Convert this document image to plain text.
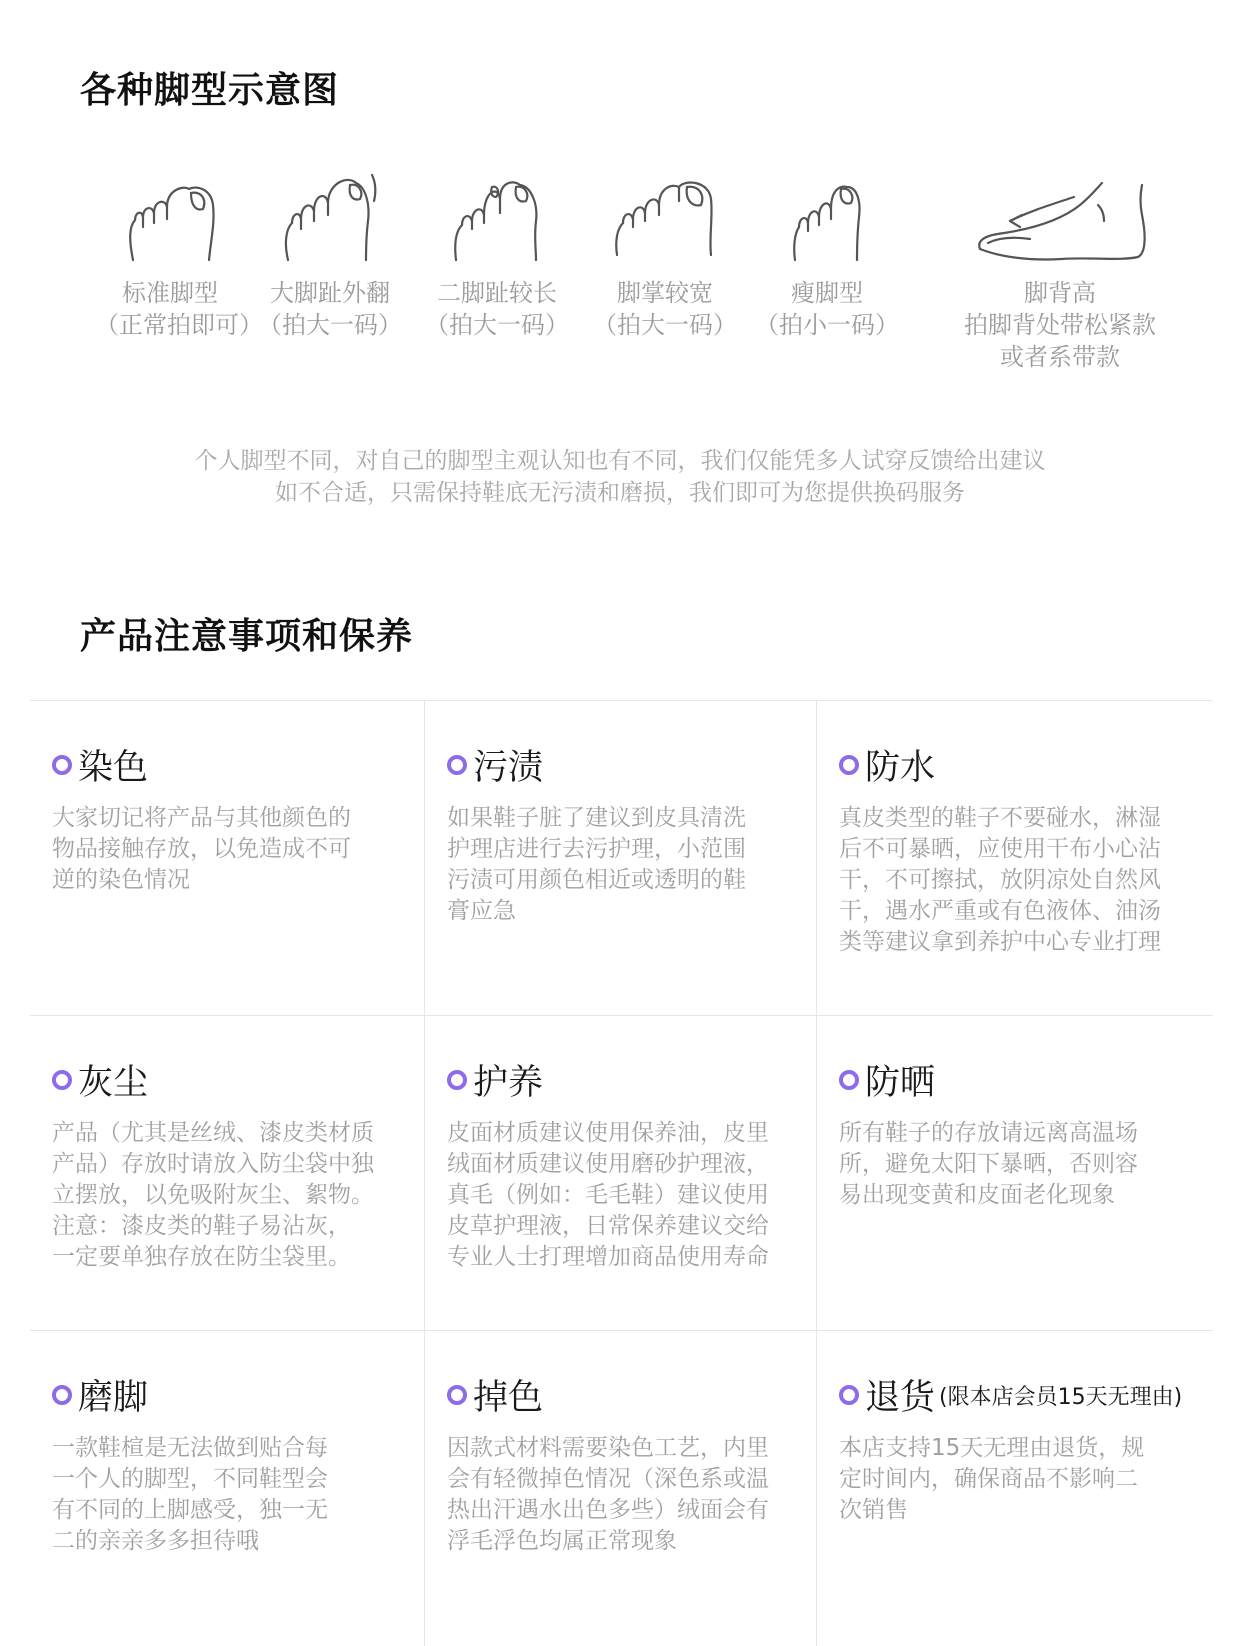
各种脚型示意图
标准脚型
（正常拍即可）
大脚趾外翻
（拍大一码）
二脚趾较长
（拍大一码）
脚掌较宽
（拍大一码）
瘦脚型
（拍小一码）
脚背高
拍脚背处带松紧款
或者系带款
个人脚型不同，对自己的脚型主观认知也有不同，我们仅能凭多人试穿反馈给出建议
如不合适，只需保持鞋底无污渍和磨损，我们即可为您提供换码服务
产品注意事项和保养
染色
大家切记将产品与其他颜色的
物品接触存放，以免造成不可
逆的染色情况
污渍
如果鞋子脏了建议到皮具清洗
护理店进行去污护理，小范围
污渍可用颜色相近或透明的鞋
膏应急
防水
真皮类型的鞋子不要碰水，淋湿
后不可暴晒，应使用干布小心沾
干，不可擦拭，放阴凉处自然风
干，遇水严重或有色液体、油汤
类等建议拿到养护中心专业打理
灰尘
产品（尤其是丝绒、漆皮类材质
产品）存放时请放入防尘袋中独
立摆放，以免吸附灰尘、絮物。
注意：漆皮类的鞋子易沾灰，
一定要单独存放在防尘袋里。
护养
皮面材质建议使用保养油，皮里
绒面材质建议使用磨砂护理液，
真毛（例如：毛毛鞋）建议使用
皮草护理液，日常保养建议交给
专业人士打理增加商品使用寿命
防晒
所有鞋子的存放请远离高温场
所，避免太阳下暴晒，否则容
易出现变黄和皮面老化现象
磨脚
一款鞋楦是无法做到贴合每
一个人的脚型，不同鞋型会
有不同的上脚感受，独一无
二的亲亲多多担待哦
掉色
因款式材料需要染色工艺，内里
会有轻微掉色情况（深色系或温
热出汗遇水出色多些）绒面会有
浮毛浮色均属正常现象
退货 (限本店会员15天无理由)
本店支持15天无理由退货，规
定时间内，确保商品不影响二
次销售
